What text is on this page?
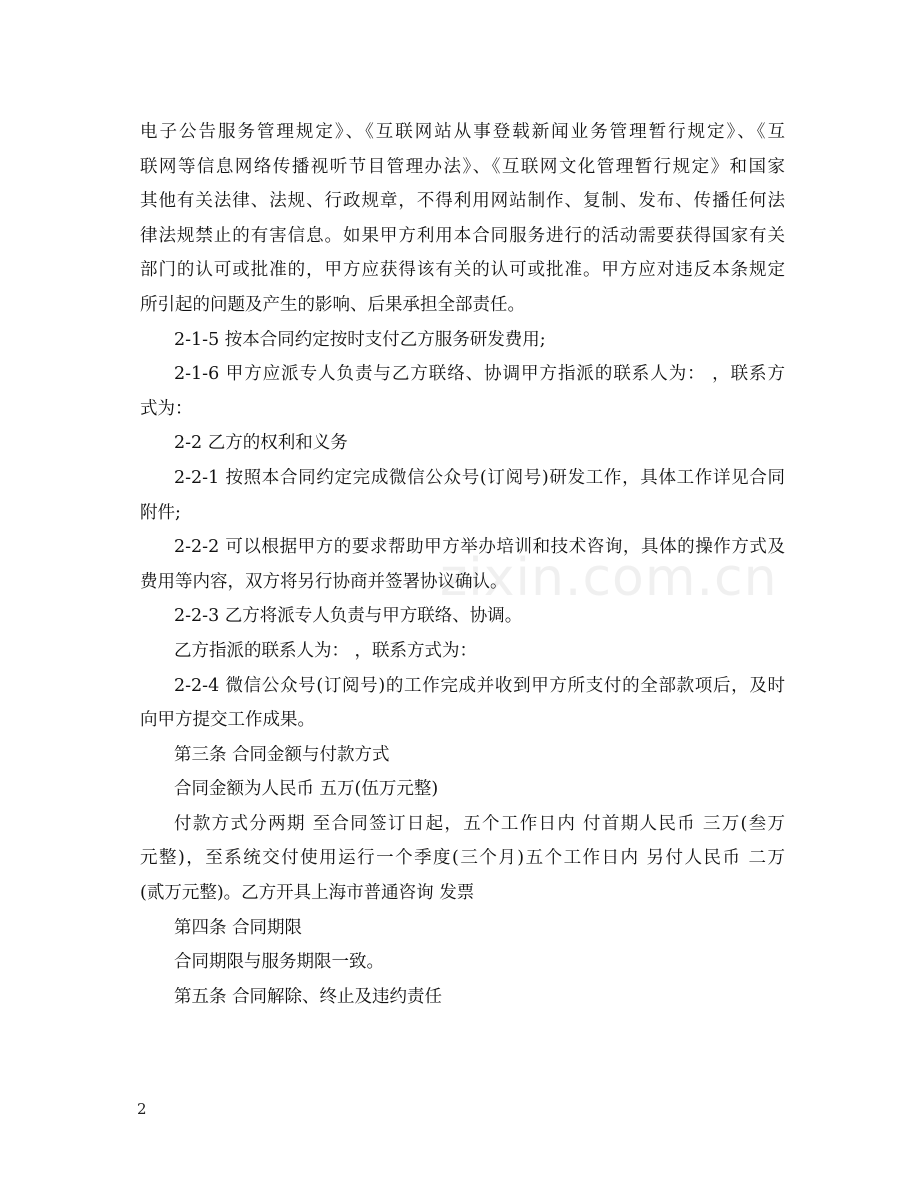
zixin.com.cn
电子公告服务管理规定》、《互联网站从事登载新闻业务管理暂行规定》、《互
联网等信息网络传播视听节目管理办法》、《互联网文化管理暂行规定》和国家
其他有关法律、法规、行政规章，不得利用网站制作、复制、发布、传播任何法
律法规禁止的有害信息。如果甲方利用本合同服务进行的活动需要获得国家有关
部门的认可或批准的，甲方应获得该有关的认可或批准。甲方应对违反本条规定
所引起的问题及产生的影响、后果承担全部责任。
2-1-5 按本合同约定按时支付乙方服务研发费用;
2-1-6 甲方应派专人负责与乙方联络、协调甲方指派的联系人为： ，联系方
式为：
2-2 乙方的权利和义务
2-2-1 按照本合同约定完成微信公众号(订阅号)研发工作，具体工作详见合同
附件;
2-2-2 可以根据甲方的要求帮助甲方举办培训和技术咨询，具体的操作方式及
费用等内容，双方将另行协商并签署协议确认。
2-2-3 乙方将派专人负责与甲方联络、协调。
乙方指派的联系人为： ，联系方式为：
2-2-4 微信公众号(订阅号)的工作完成并收到甲方所支付的全部款项后，及时
向甲方提交工作成果。
第三条 合同金额与付款方式
合同金额为人民币 五万(伍万元整)
付款方式分两期 至合同签订日起，五个工作日内 付首期人民币 三万(叁万
元整)，至系统交付使用运行一个季度(三个月)五个工作日内 另付人民币 二万
(贰万元整)。乙方开具上海市普通咨询 发票
第四条 合同期限
合同期限与服务期限一致。
第五条 合同解除、终止及违约责任
2
